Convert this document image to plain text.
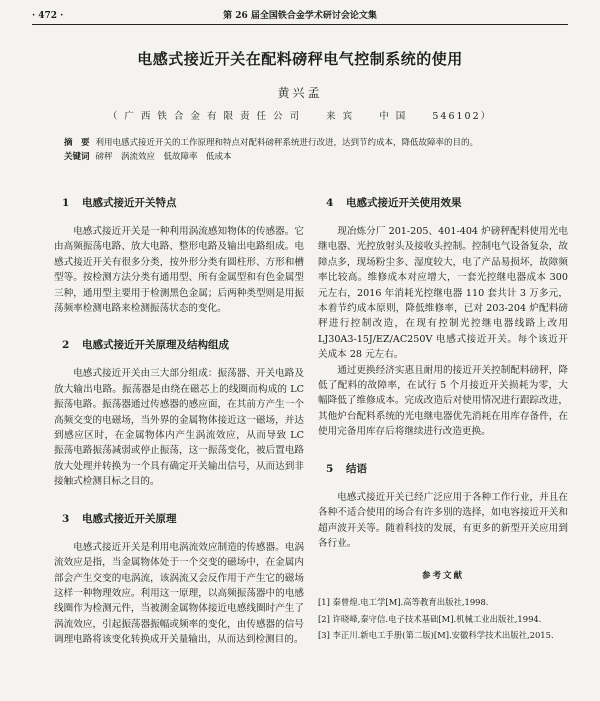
· 472 ·	第 26 届全国铁合金学术研讨会论文集
电感式接近开关在配料磅秤电气控制系统的使用
黄兴孟
（ 广 西 铁 合 金 有 限 责 任 公 司     来 宾     中 国     546102）
摘　要 利用电感式接近开关的工作原理和特点对配料磅秤系统进行改进，达到节约成本，降低故障率的目的。
关键词 磅秤　涡流效应　低故障率　低成本
1 电感式接近开关特点

电感式接近开关是一种利用涡流感知物体的传感器。它由高频振荡电路、放大电路、整形电路及输出电路组成。电感式接近开关有很多分类，按外形分类有圆柱形、方形和槽型等。按检测方法分类有通用型、所有金属型和有色金属型三种，通用型主要用于检测黑色金属；后两种类型则是用振荡频率检测电路来检测振荡状态的变化。

2 电感式接近开关原理及结构组成

电感式接近开关由三大部分组成：振荡器、开关电路及放大输出电路。振荡器是由绕在磁芯上的线圈而构成的 LC 振荡电路。振荡器通过传感器的感应面，在其前方产生一个高频交变的电磁场，当外界的金属物体接近这一磁场，并达到感应区时，在金属物体内产生涡流效应，从而导致 LC 振荡电路振荡减弱或停止振荡，这一振荡变化，被后置电路放大处理并转换为一个具有确定开关输出信号，从而达到非接触式检测目标之目的。

3 电感式接近开关原理

电感式接近开关是利用电涡流效应制造的传感器。电涡流效应是指，当金属物体处于一个交变的磁场中，在金属内部会产生交变的电涡流，该涡流又会反作用于产生它的磁场这样一种物理效应。利用这一原理，以高频振荡器中的电感线圈作为检测元件，当被测金属物体接近电感线圈时产生了涡流效应，引起振荡器振幅或频率的变化，由传感器的信号调理电路将该变化转换成开关量输出，从而达到检测目的。

4 电感式接近开关使用效果

现冶炼分厂 201-205、401-404 炉磅秤配料使用光电继电器、光控放射头及接收头控制。控制电气设备复杂，故障点多，现场粉尘多、湿度较大，电了产品易损坏，故障频率比较高。维修成本对应增大，一套光控继电器成本 300 元左右，2016 年消耗光控继电器 110 套共计 3 万多元，本着节约成本原则，降低维修率，已对 203-204 炉配料磅秤进行控制改造，在现有控制光控继电器线路上改用 LJ30A3-15J/EZ/AC250V 电感式接近开关。每个该近开关成本 28 元左右。

通过更换经济实惠且耐用的接近开关控制配料磅秤，降低了配料的故障率，在试行 5 个月接近开关损耗为零，大幅降低了维修成本。完成改造后对使用情况进行跟踪改进，其他炉台配料系统的光电继电器优先消耗在用库存备件，在使用完备用库存后将继续进行改造更换。

5 结语

电感式接近开关已经广泛应用于各种工作行业，并且在各种不适合使用的场合有许多别的选择，如电容接近开关和超声波开关等。随着科技的发展，有更多的新型开关应用到各行业。

参考文献
[1] 秦曾煌.电工学[M].高等教育出版社,1998.
[2] 许晓峰,秦守信.电子技术基础[M].机械工业出版社,1994.
[3] 李正川.新电工手册(第二版)[M].安徽科学技术出版社,2015.
